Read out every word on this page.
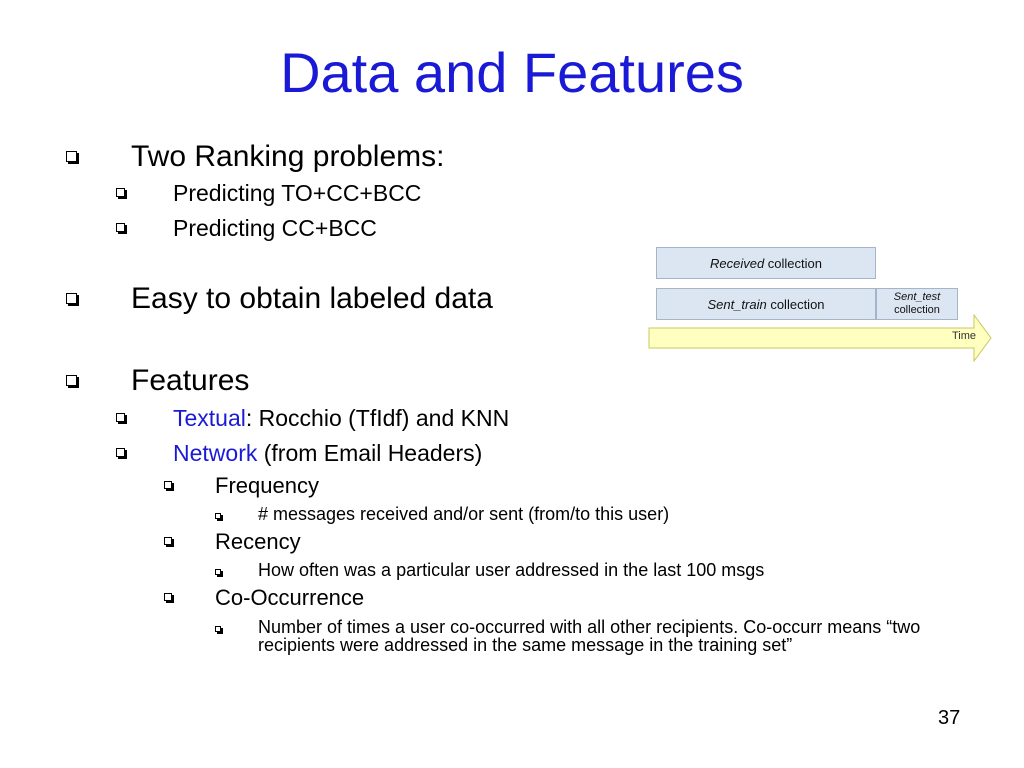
Data and Features
Two Ranking problems:
Predicting TO+CC+BCC
Predicting CC+BCC
Easy to obtain labeled data
Features
Textual: Rocchio (TfIdf) and KNN
Network (from Email Headers)
Frequency
# messages received and/or sent (from/to this user)
Recency
How often was a particular user addressed in the last 100 msgs
Co-Occurrence
Number of times a user co-occurred with all other recipients. Co-occurr means “two recipients were addressed in the same message in the training set”
Received collection
Sent_train collection	Sent_test
collection
Time
37
